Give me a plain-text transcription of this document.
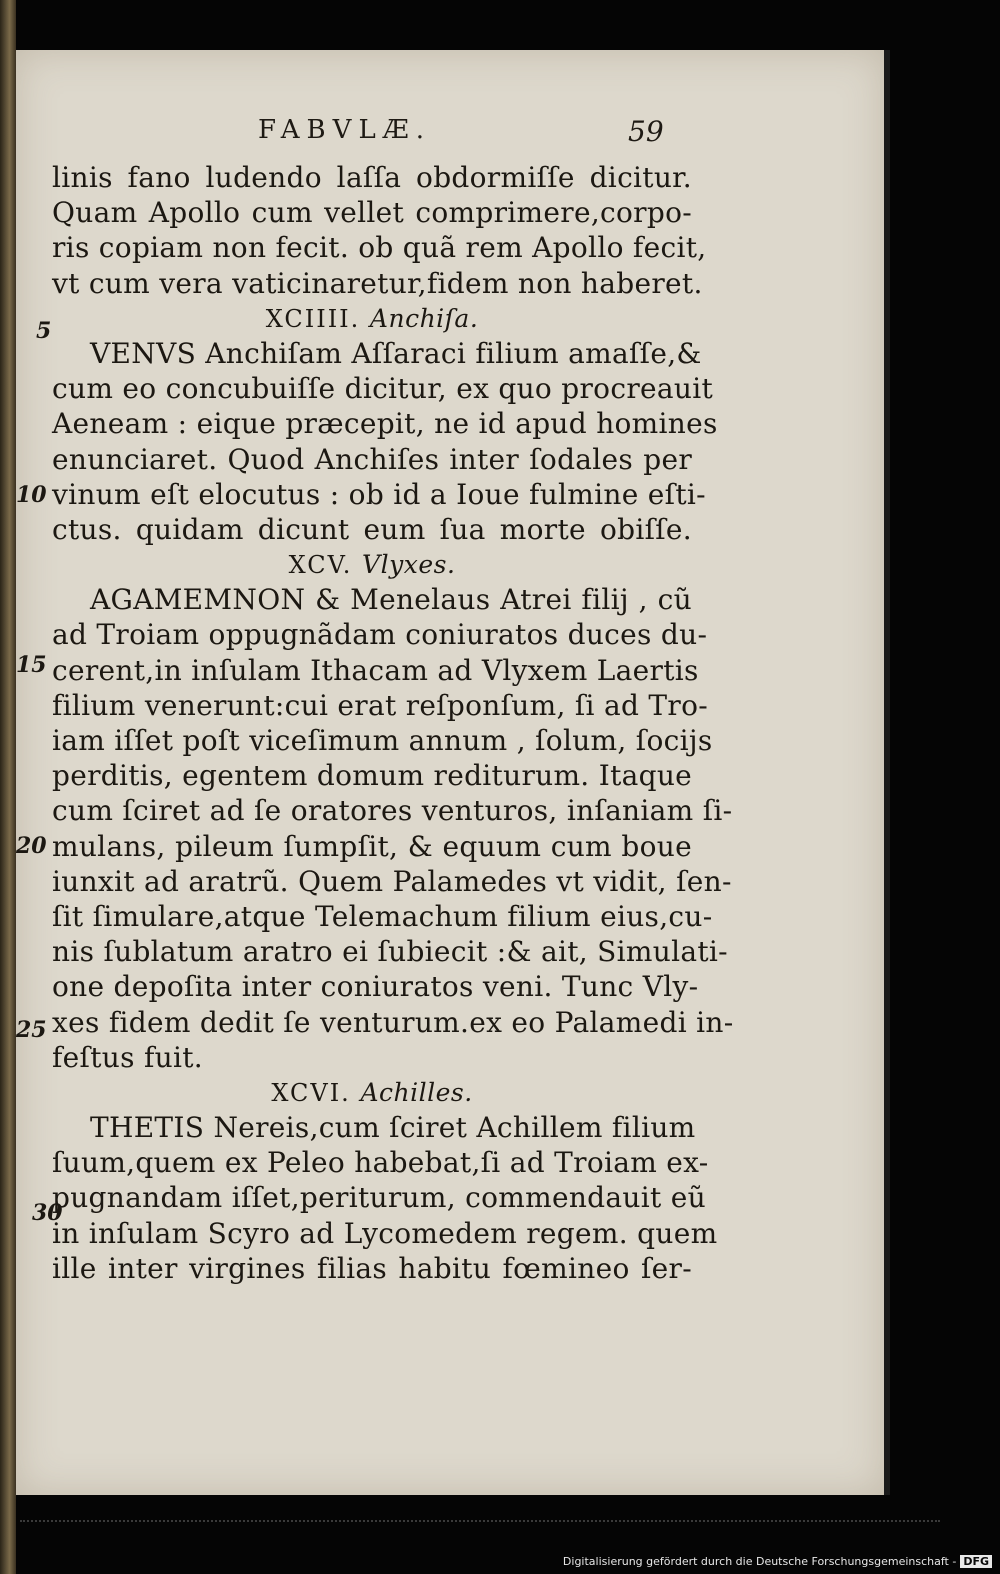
FABVLÆ.	59
linis fano ludendo laſſa obdormiſſe dicitur.
Quam Apollo cum vellet comprimere,corpo-
ris copiam non fecit. ob quã rem Apollo fecit,
vt cum vera vaticinaretur,fidem non haberet.
XCIIII. Anchiſa.
VENVS Anchiſam Aſſaraci filium amaſſe,&
cum eo concubuiſſe dicitur, ex quo procreauit
Aeneam : eique præcepit, ne id apud homines
enunciaret. Quod Anchiſes inter ſodales per
vinum eſt elocutus : ob id a Ioue fulmine eſti-
ctus. quidam dicunt eum ſua morte obiſſe.
XCV. Vlyxes.
AGAMEMNON & Menelaus Atrei filij , cũ
ad Troiam oppugnãdam coniuratos duces du-
cerent,in inſulam Ithacam ad Vlyxem Laertis
filium venerunt:cui erat reſponſum, ſi ad Tro-
iam iſſet poſt viceſimum annum , ſolum, ſocijs
perditis, egentem domum rediturum. Itaque
cum ſciret ad ſe oratores venturos, inſaniam ſi-
mulans, pileum ſumpſit, & equum cum boue
iunxit ad aratrũ. Quem Palamedes vt vidit, ſen-
ſit ſimulare,atque Telemachum filium eius,cu-
nis ſublatum aratro ei ſubiecit :& ait, Simulati-
one depoſita inter coniuratos veni. Tunc Vly-
xes fidem dedit ſe venturum.ex eo Palamedi in-
feſtus fuit.
XCVI. Achilles.
THETIS Nereis,cum ſciret Achillem filium
ſuum,quem ex Peleo habebat,ſi ad Troiam ex-
pugnandam iſſet,periturum, commendauit eũ
in inſulam Scyro ad Lycomedem regem. quem
ille inter virgines filias habitu fœmineo ſer-
5
10
15
20
25
30
Digitalisierung gefördert durch die Deutsche Forschungsgemeinschaft - DFG
